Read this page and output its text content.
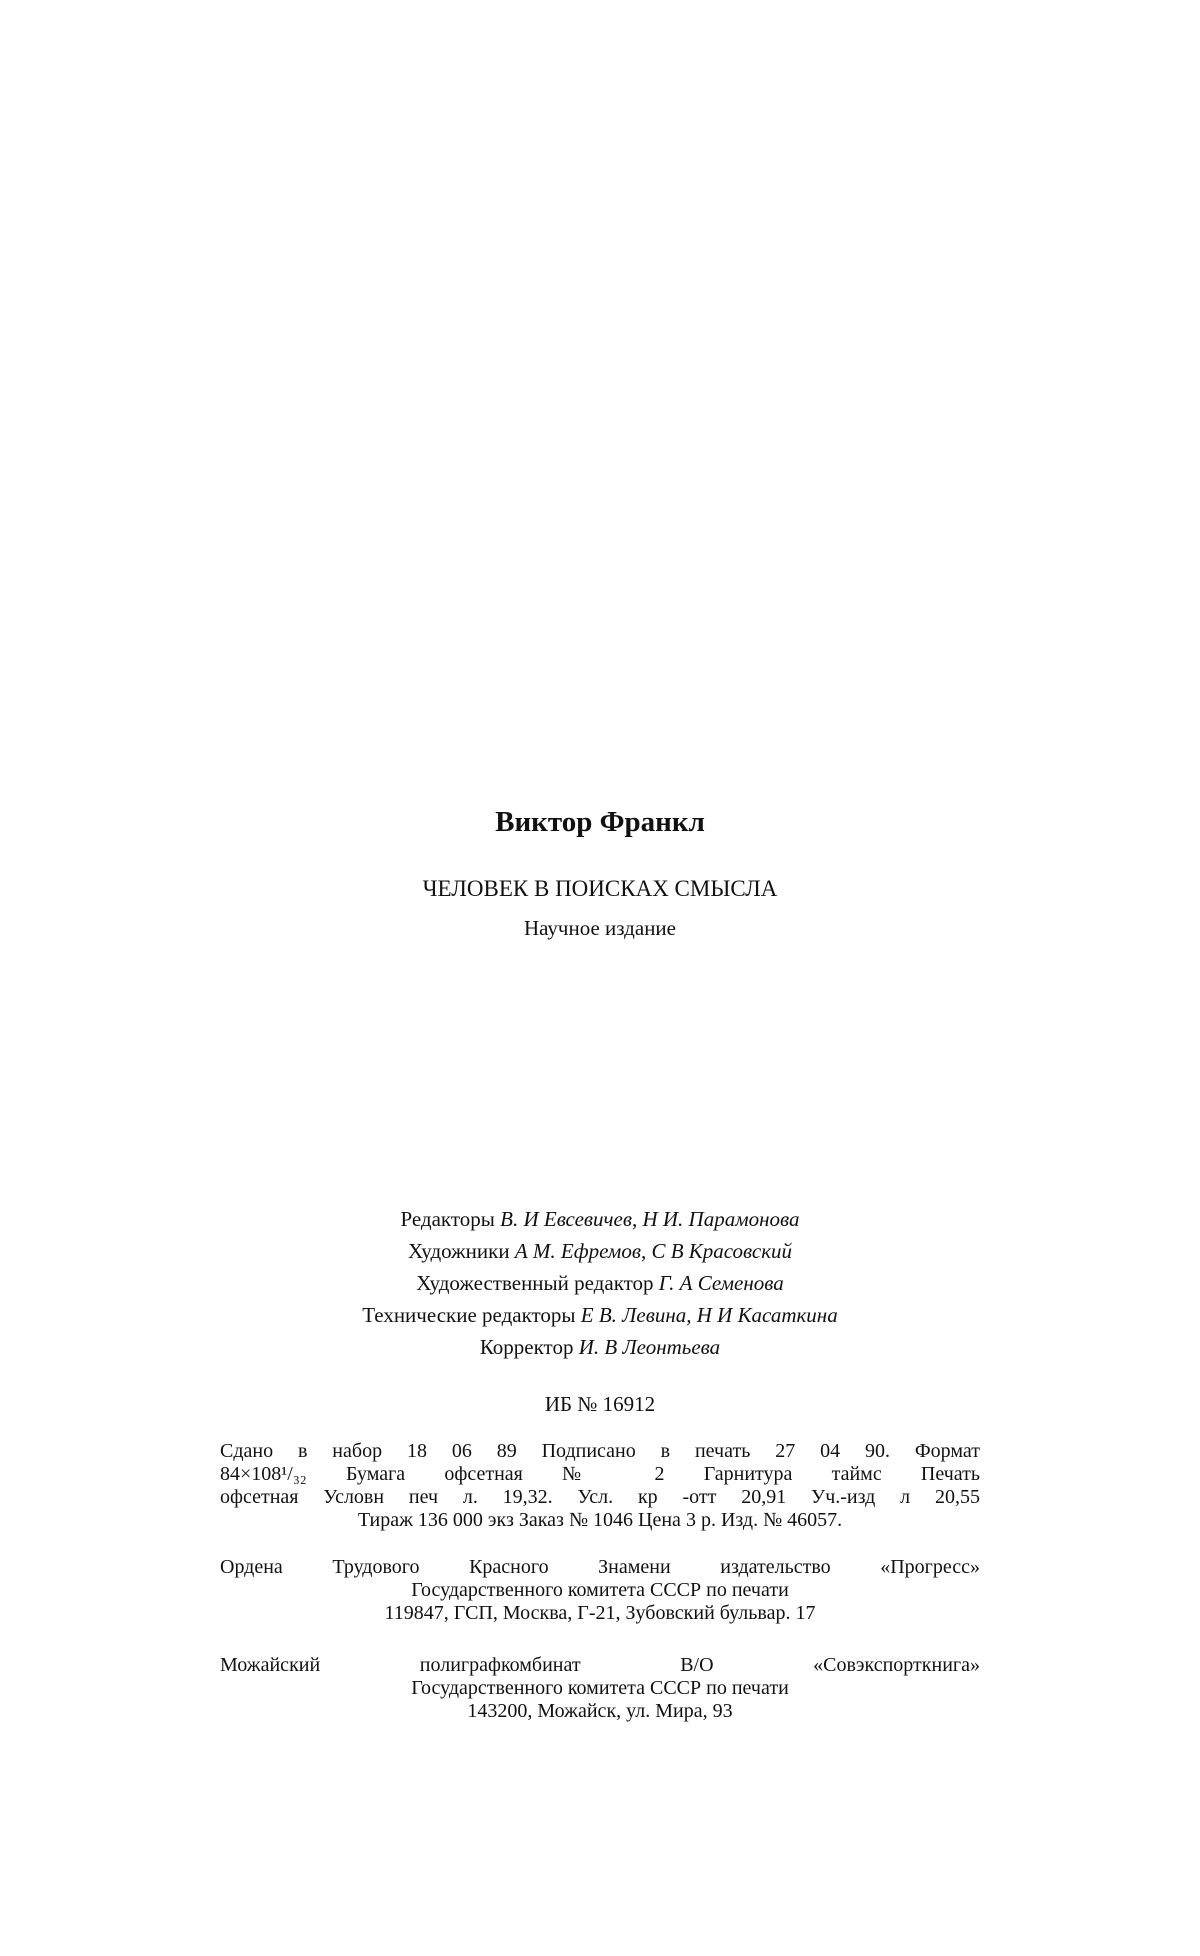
Виктор Франкл
ЧЕЛОВЕК В ПОИСКАХ СМЫСЛА
Научное издание
Редакторы В. И Евсевичев, Н И. Парамонова
Художники А М. Ефремов, С В Красовский
Художественный редактор Г. А Семенова
Технические редакторы Е В. Левина, Н И Касаткина
Корректор И. В Леонтьева
ИБ № 16912
Сдано в набор 18 06 89 Подписано в печать 27 04 90. Формат
84×108¹/₃₂ Бумага офсетная № 2 Гарнитура таймс Печать
офсетная Условн печ л. 19,32. Усл. кр -отт 20,91 Уч.-изд л 20,55
Тираж 136 000 экз Заказ № 1046 Цена 3 р. Изд. № 46057.
Ордена Трудового Красного Знамени издательство «Прогресс»
Государственного комитета СССР по печати
119847, ГСП, Москва, Г-21, Зубовский бульвар. 17
Можайский полиграфкомбинат В/О «Совэкспорткнига»
Государственного комитета СССР по печати
143200, Можайск, ул. Мира, 93
